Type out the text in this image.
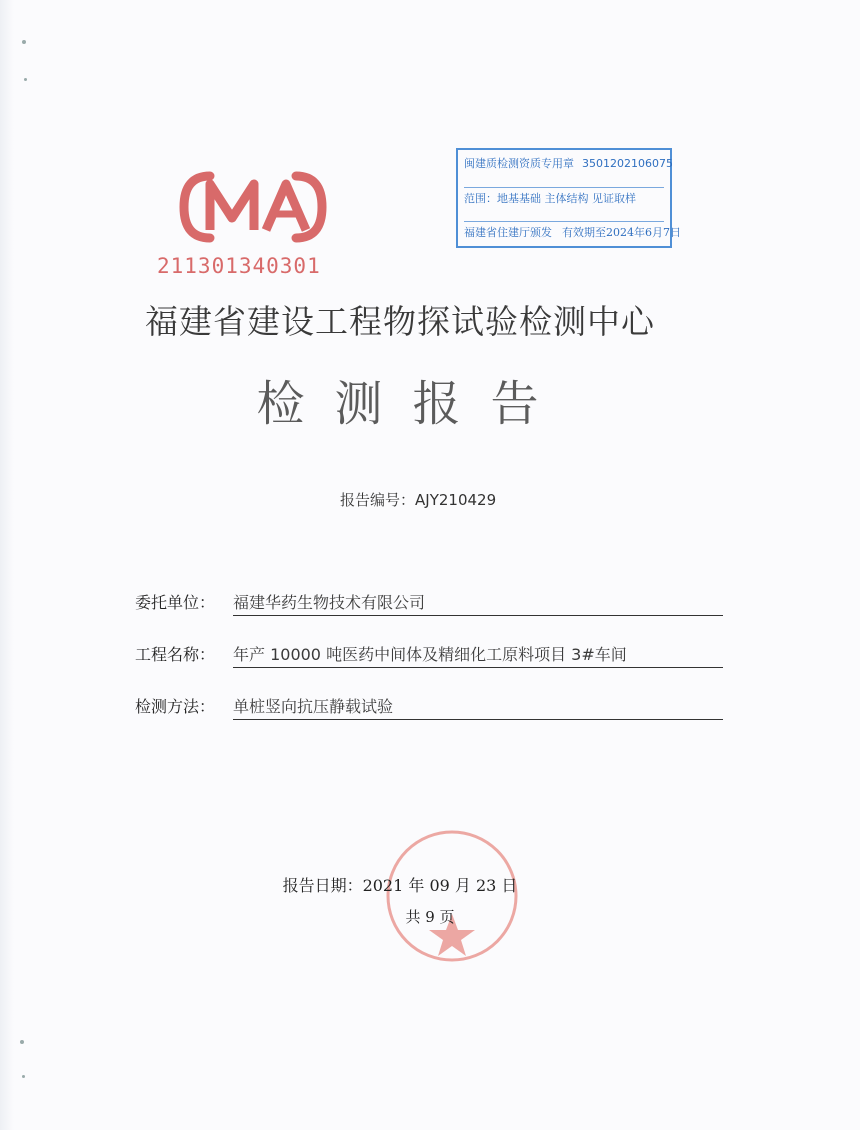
211301340301
闽建质检测资质专用章 3501202106075
范围：地基基础 主体结构 见证取样
福建省住建厅颁发 有效期至2024年6月7日
福建省建设工程物探试验检测中心
检测报告
报告编号：AJY210429
委托单位： 福建华药生物技术有限公司
工程名称： 年产 10000 吨医药中间体及精细化工原料项目 3#车间
检测方法： 单桩竖向抗压静载试验
报告日期：2021 年 09 月 23 日
共 9 页
